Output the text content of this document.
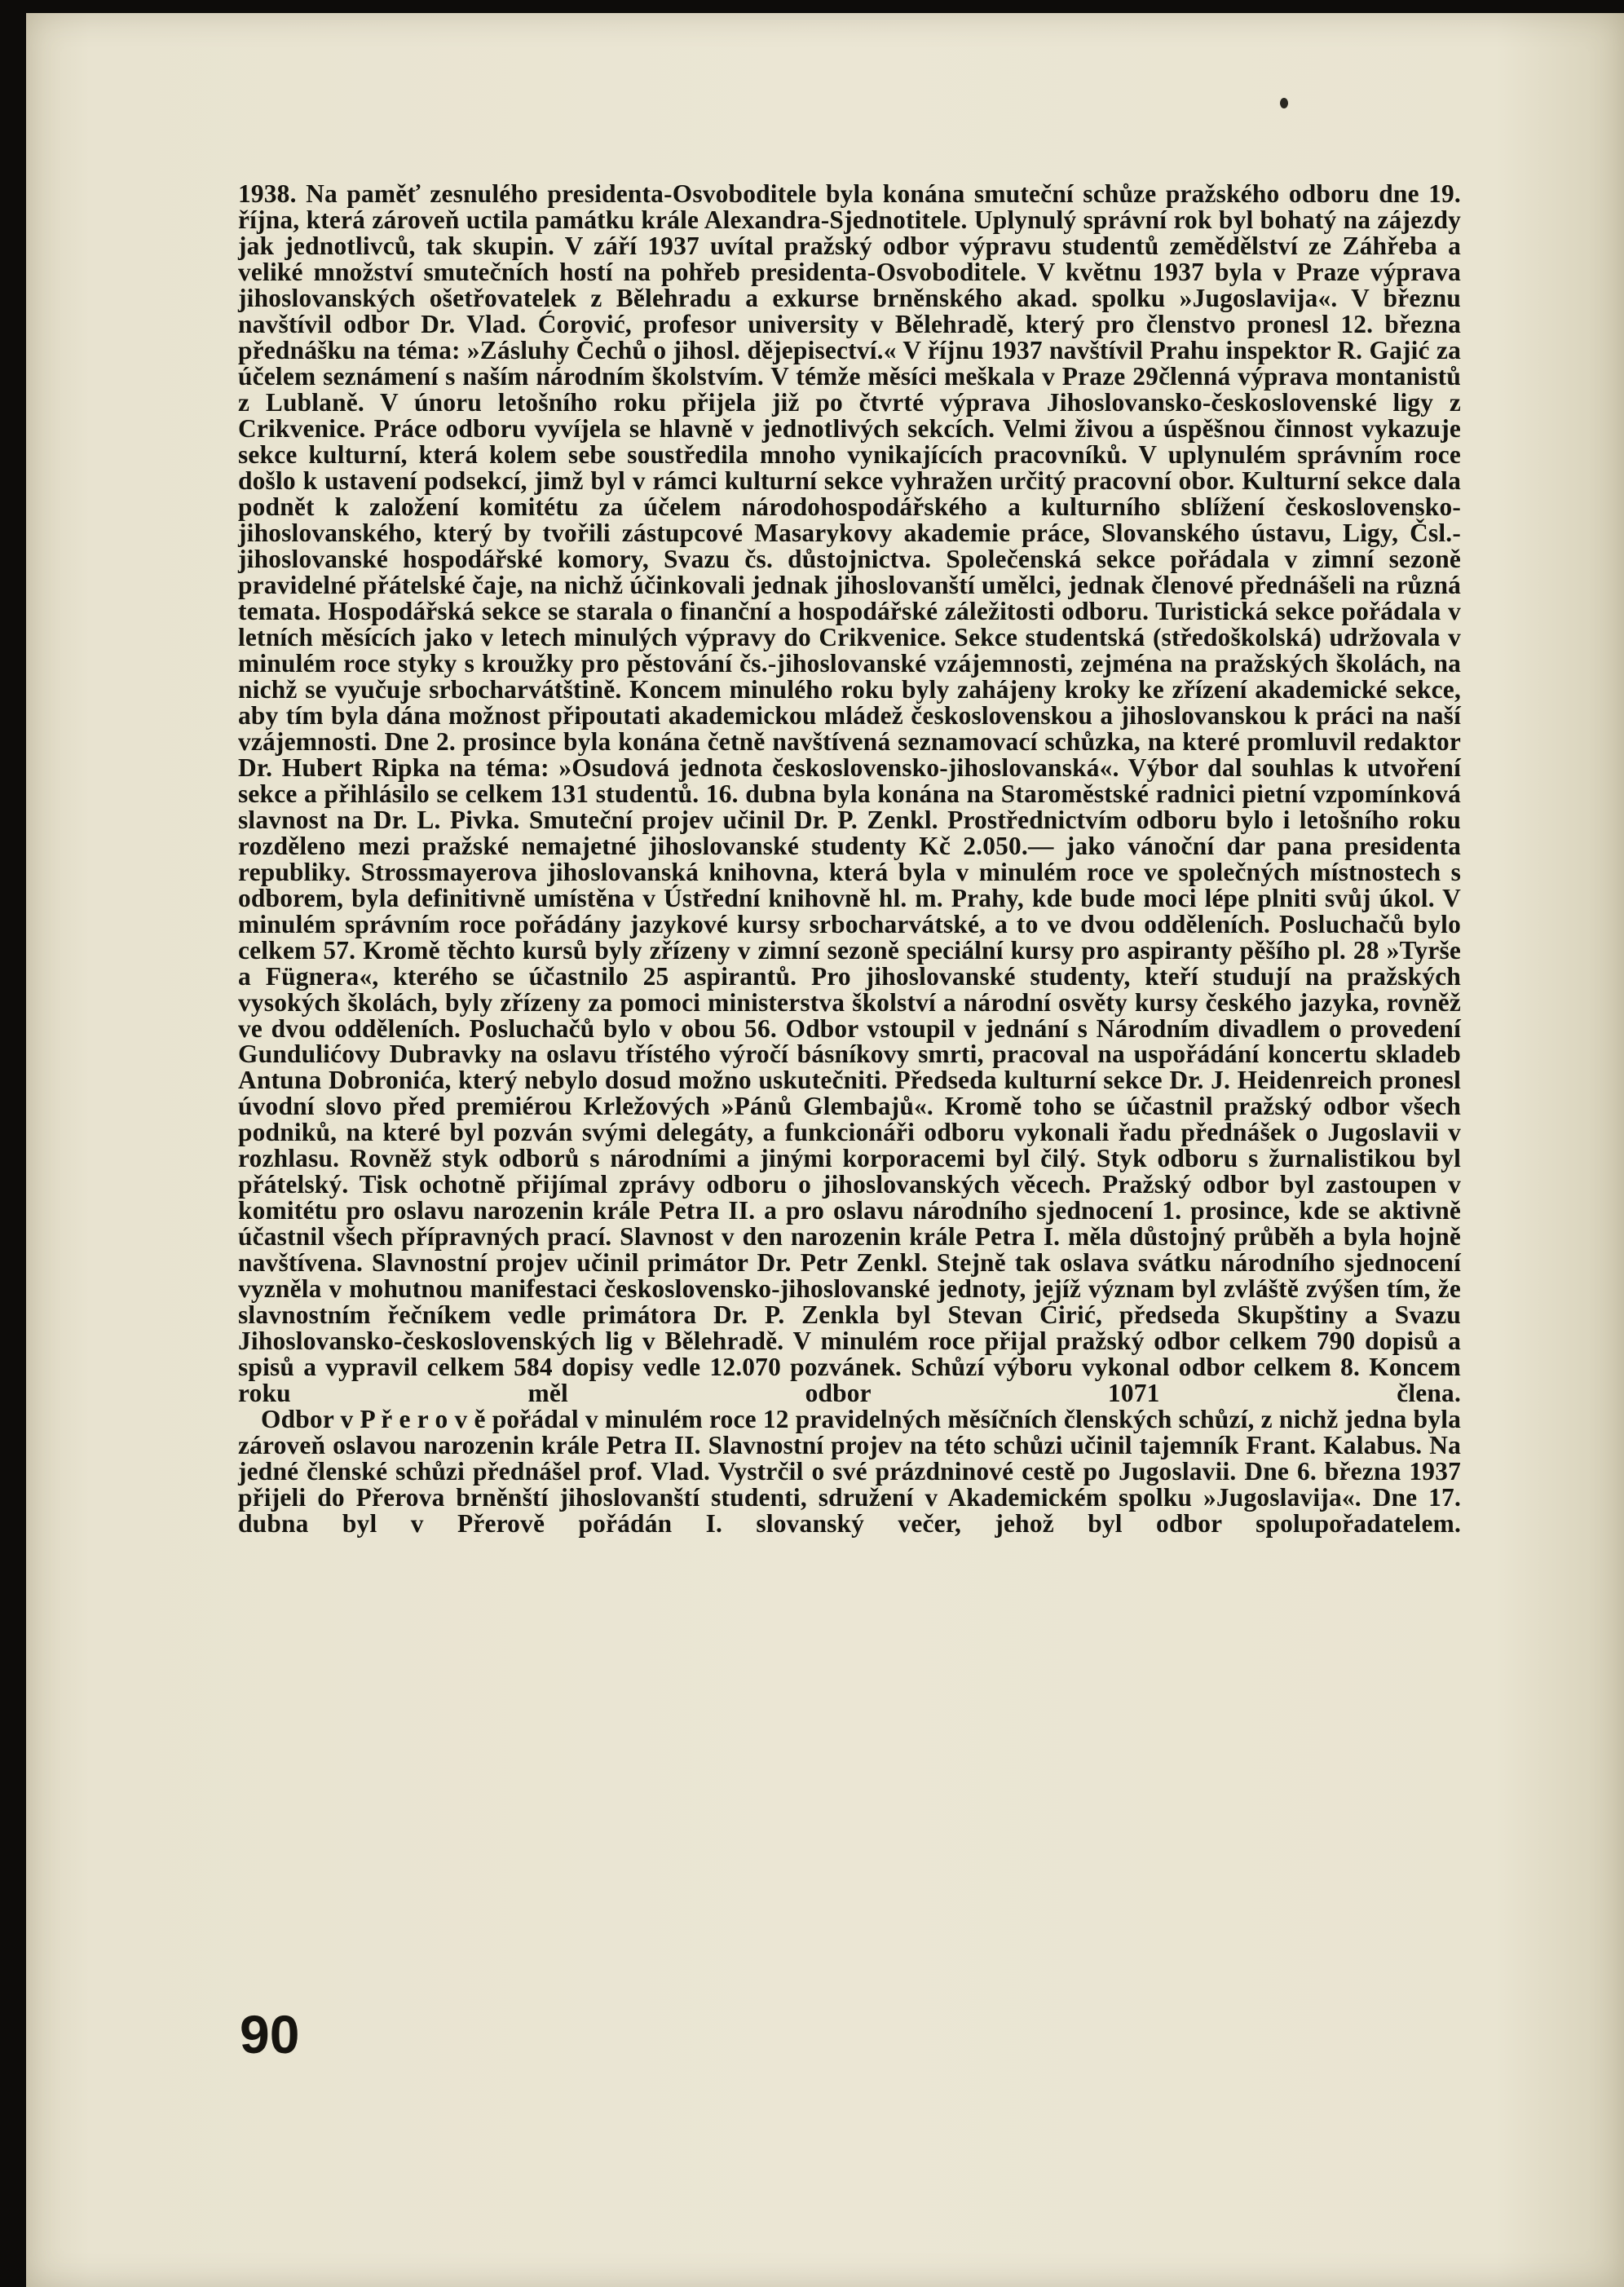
1938. Na paměť zesnulého presidenta-Osvoboditele byla konána smuteční schůze pražského odboru dne 19. října, která zároveň uctila památku krále Alexandra-Sjednotitele. Uplynulý správní rok byl bohatý na zájezdy jak jednotlivců, tak skupin. V září 1937 uvítal pražský odbor výpravu studentů zemědělství ze Záhřeba a veliké množství smutečních hostí na pohřeb presidenta-Osvoboditele. V květnu 1937 byla v Praze výprava jihoslovanských ošetřovatelek z Bělehradu a exkurse brněnského akad. spolku »Jugoslavija«. V březnu navštívil odbor Dr. Vlad. Ćorović, profesor university v Bělehradě, který pro členstvo pronesl 12. března přednášku na téma: »Zásluhy Čechů o jihosl. dějepisectví.« V říjnu 1937 navštívil Prahu inspektor R. Gajić za účelem seznámení s naším národním školstvím. V témže měsíci meškala v Praze 29členná výprava montanistů z Lublaně. V únoru letošního roku přijela již po čtvrté výprava Jihoslovansko-československé ligy z Crikvenice. Práce odboru vyvíjela se hlavně v jednotlivých sekcích. Velmi živou a úspěšnou činnost vykazuje sekce kulturní, která kolem sebe soustředila mnoho vynikajících pracovníků. V uplynulém správním roce došlo k ustavení podsekcí, jimž byl v rámci kulturní sekce vyhražen určitý pracovní obor. Kulturní sekce dala podnět k založení komitétu za účelem národohospodářského a kulturního sblížení československo-jihoslovanského, který by tvořili zástupcové Masarykovy akademie práce, Slovanského ústavu, Ligy, Čsl.-jihoslovanské hospodářské komory, Svazu čs. důstojnictva. Společenská sekce pořádala v zimní sezoně pravidelné přátelské čaje, na nichž účinkovali jednak jihoslovanští umělci, jednak členové přednášeli na různá temata. Hospodářská sekce se starala o finanční a hospodářské záležitosti odboru. Turistická sekce pořádala v letních měsících jako v letech minulých výpravy do Crikvenice. Sekce studentská (středoškolská) udržovala v minulém roce styky s kroužky pro pěstování čs.-jihoslovanské vzájemnosti, zejména na pražských školách, na nichž se vyučuje srbocharvátštině. Koncem minulého roku byly zahájeny kroky ke zřízení akademické sekce, aby tím byla dána možnost připoutati akademickou mládež československou a jihoslovanskou k práci na naší vzájemnosti. Dne 2. prosince byla konána četně navštívená seznamovací schůzka, na které promluvil redaktor Dr. Hubert Ripka na téma: »Osudová jednota československo-jihoslovanská«. Výbor dal souhlas k utvoření sekce a přihlásilo se celkem 131 studentů. 16. dubna byla konána na Staroměstské radnici pietní vzpomínková slavnost na Dr. L. Pivka. Smuteční projev učinil Dr. P. Zenkl. Prostřednictvím odboru bylo i letošního roku rozděleno mezi pražské nemajetné jihoslovanské studenty Kč 2.050.— jako vánoční dar pana presidenta republiky. Strossmayerova jihoslovanská knihovna, která byla v minulém roce ve společných místnostech s odborem, byla definitivně umístěna v Ústřední knihovně hl. m. Prahy, kde bude moci lépe plniti svůj úkol. V minulém správním roce pořádány jazykové kursy srbocharvátské, a to ve dvou odděleních. Posluchačů bylo celkem 57. Kromě těchto kursů byly zřízeny v zimní sezoně speciální kursy pro aspiranty pěšího pl. 28 »Tyrše a Fügnera«, kterého se účastnilo 25 aspirantů. Pro jihoslovanské studenty, kteří studují na pražských vysokých školách, byly zřízeny za pomoci ministerstva školství a národní osvěty kursy českého jazyka, rovněž ve dvou odděleních. Posluchačů bylo v obou 56. Odbor vstoupil v jednání s Národním divadlem o provedení Gundulićovy Dubravky na oslavu třístého výročí básníkovy smrti, pracoval na uspořádání koncertu skladeb Antuna Dobronića, který nebylo dosud možno uskutečniti. Předseda kulturní sekce Dr. J. Heidenreich pronesl úvodní slovo před premiérou Krležových »Pánů Glembajů«. Kromě toho se účastnil pražský odbor všech podniků, na které byl pozván svými delegáty, a funkcionáři odboru vykonali řadu přednášek o Jugoslavii v rozhlasu. Rovněž styk odborů s národními a jinými korporacemi byl čilý. Styk odboru s žurnalistikou byl přátelský. Tisk ochotně přijímal zprávy odboru o jihoslovanských věcech. Pražský odbor byl zastoupen v komitétu pro oslavu narozenin krále Petra II. a pro oslavu národního sjednocení 1. prosince, kde se aktivně účastnil všech přípravných prací. Slavnost v den narozenin krále Petra I. měla důstojný průběh a byla hojně navštívena. Slavnostní projev učinil primátor Dr. Petr Zenkl. Stejně tak oslava svátku národního sjednocení vyzněla v mohutnou manifestaci československo-jihoslovanské jednoty, jejíž význam byl zvláště zvýšen tím, že slavnostním řečníkem vedle primátora Dr. P. Zenkla byl Stevan Ćirić, předseda Skupštiny a Svazu Jihoslovansko-československých lig v Bělehradě. V minulém roce přijal pražský odbor celkem 790 dopisů a spisů a vypravil celkem 584 dopisy vedle 12.070 pozvánek. Schůzí výboru vykonal odbor celkem 8. Koncem roku měl odbor 1071 člena.

Odbor v P ř e r o v ě pořádal v minulém roce 12 pravidelných měsíčních členských schůzí, z nichž jedna byla zároveň oslavou narozenin krále Petra II. Slavnostní projev na této schůzi učinil tajemník Frant. Kalabus. Na jedné členské schůzi přednášel prof. Vlad. Vystrčil o své prázdninové cestě po Jugoslavii. Dne 6. března 1937 přijeli do Přerova brněnští jihoslovanští studenti, sdružení v Akademickém spolku »Jugoslavija«. Dne 17. dubna byl v Přerově pořádán I. slovanský večer, jehož byl odbor spolupořadatelem.

90
